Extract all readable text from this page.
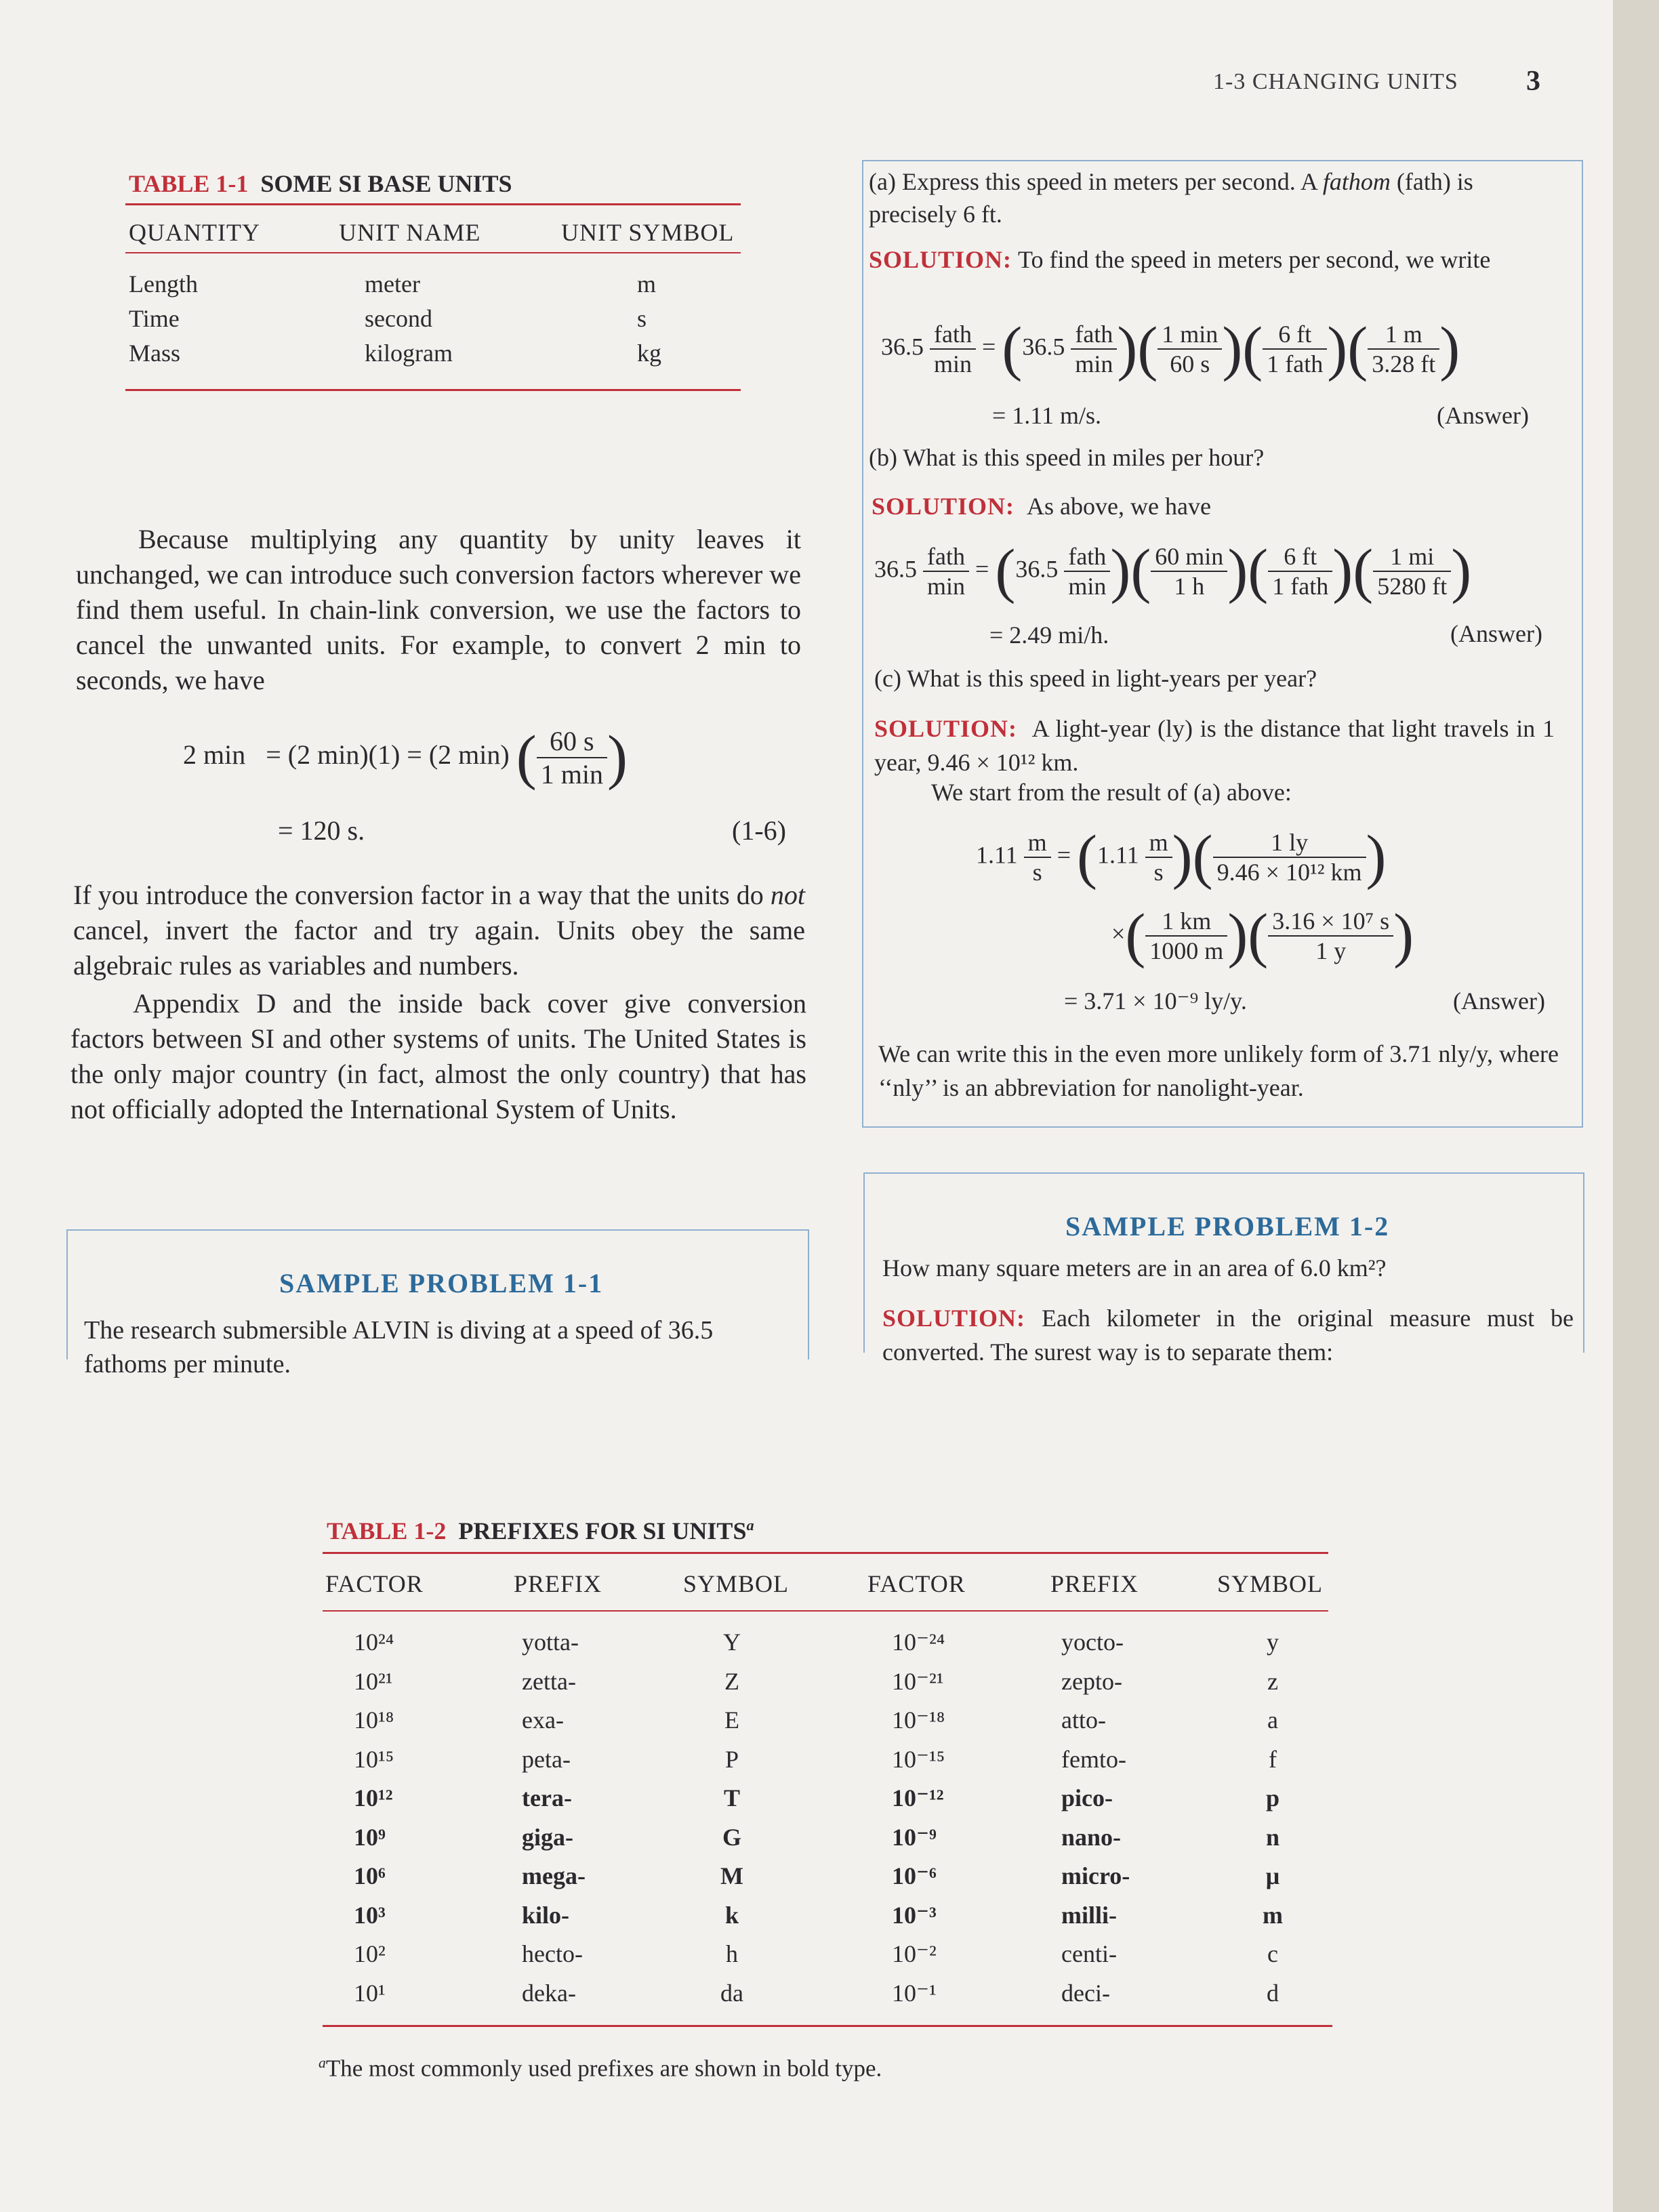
1-3 CHANGING UNITS 3
TABLE 1-1 SOME SI BASE UNITS
QUANTITY	UNIT NAME	UNIT SYMBOL
Length	meter	m
Time	second	s
Mass	kilogram	kg
Because multiplying any quantity by unity leaves it unchanged, we can introduce such conversion factors wherever we find them useful. In chain-link conversion, we use the factors to cancel the unwanted units. For example, to convert 2 min to seconds, we have
2 min = (2 min)(1) = (2 min) ( $\frac{60 s}{1 \min}$ )
= 120 s.	(1-6)
If you introduce the conversion factor in a way that the units do not cancel, invert the factor and try again. Units obey the same algebraic rules as variables and numbers.
Appendix D and the inside back cover give conversion factors between SI and other systems of units. The United States is the only major country (in fact, almost the only country) that has not officially adopted the International System of Units.
SAMPLE PROBLEM 1-1
The research submersible ALVIN is diving at a speed of 36.5 fathoms per minute.
(a) Express this speed in meters per second. A fathom (fath) is precisely 6 ft.
SOLUTION: To find the speed in meters per second, we write
$36.5 \frac{\text{fath}}{\min} = (36.5 \frac{\text{fath}}{\min}$ )( $\frac{1 \min}{60 s}$ )( $\frac{6 ft}{\text{1 fath}}$ )( $\frac{1 m}{3.28 ft}$ )
= 1.11 m/s.	(Answer)
(b) What is this speed in miles per hour?
SOLUTION: As above, we have
$36.5 \frac{\text{fath}}{\min} = (36.5 \frac{\text{fath}}{\min}$ )( $\frac{60 \min}{1 h}$ )( $\frac{6 ft}{\text{1 fath}}$ )( $\frac{1 mi}{5280 ft}$ )
= 2.49 mi/h.	(Answer)
(c) What is this speed in light-years per year?
SOLUTION: A light-year (ly) is the distance that light travels in 1 year, 9.46 × 10¹² km.
We start from the result of (a) above:
$1.11 \frac{m}{s} = (1.11 \frac{m}{s}$ )( $\frac{1 ly}{\text{9.46 × 10¹² km}}$ )
×( $\frac{1 km}{1000 m}$ )( $\frac{\text{3.16 × 10⁷ s}}{1 y}$ )
= 3.71 × 10⁻⁹ ly/y.	(Answer)
We can write this in the even more unlikely form of 3.71 nly/y, where ‘‘nly’’ is an abbreviation for nanolight-year.
SAMPLE PROBLEM 1-2
How many square meters are in an area of 6.0 km²?
SOLUTION: Each kilometer in the original measure must be converted. The surest way is to separate them:
TABLE 1-2 PREFIXES FOR SI UNITS$^a$
FACTOR	PREFIX	SYMBOL	FACTOR	PREFIX	SYMBOL
10²⁴	yotta-	Y	10⁻²⁴	yocto-	y
10²¹	zetta-	Z	10⁻²¹	zepto-	z
10¹⁸	exa-	E	10⁻¹⁸	atto-	a
10¹⁵	peta-	P	10⁻¹⁵	femto-	f
10¹²	tera-	T	10⁻¹²	pico-	p
10⁹	giga-	G	10⁻⁹	nano-	n
10⁶	mega-	M	10⁻⁶	micro-	μ
10³	kilo-	k	10⁻³	milli-	m
10²	hecto-	h	10⁻²	centi-	c
10¹	deka-	da	10⁻¹	deci-	d
$^a$The most commonly used prefixes are shown in bold type.
